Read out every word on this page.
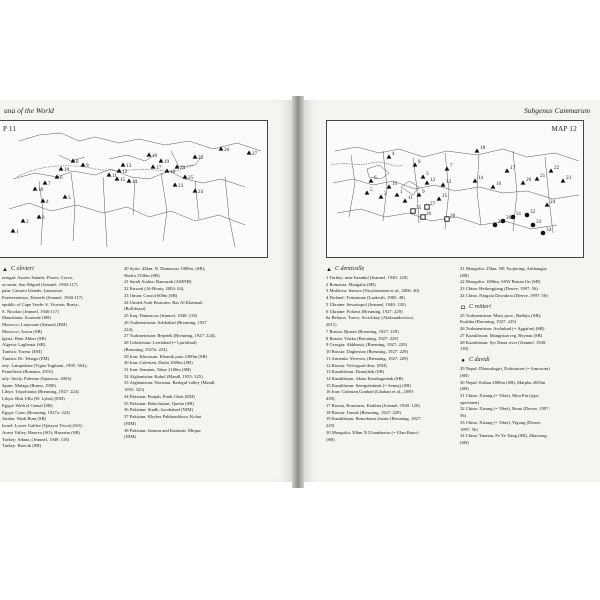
una of the World
P 11
27
26
22
20
19
16
17
18
25
23
24
14
15
13
12
11
10
8
9
7
6
5
4
3
2
1
10
▲ C olivieri
ortugal: Azores Islands: Flores; Corvo,
orcarim; San Miguel (Jeannel, 1940:117)
pain: Canario Islands: Lanzarote;
Fuerteventura; Tenerife (Jeannel, 1940:117)
epublic of Cape Verde: S. Vicente; Brava;
S. Nicolao (Jeannel, 1940:117)
Mauritania: Zouerate (SB)
Morocco: Laayoune (Sahara) (EM)
Morocco: Azrou (SB)
lgeria: Beni Abbes (SB)
Algeria: Laghouat (SB)
Tunisia: Tozeur (EM)
Tunisia: Dr. Tebaga (EM)
taly: Lampedusa (Vigna Taglianti, 1995: 564);
Pantelleria (Romano, 2010)
taly: Sicily, Palermo (Sparacio, 2003)
Spain: Malaga (Bruno, 1990)
Libya: Tripolitania (Breuning, 1927: 224)
Libya: Bitit Ullu (W. Lybia) (EM)
Egypt: Wadi el Gemal (SB)
Egypt: Cairo (Breuning, 1927a: 224)
Jordan: Wadi Rum (SB)
Israel: Lower Galilee (Qatayat Tivon) (SO);
Arava Valley, Hazeva (SO); Hazerim (SB)
Turkey: Adana, (Jeannel, 1940: 118)
Turkey: Birecik (SB)
20 Syria: 42km. N. Damascus 1000m. (SB);
Sbeifa 1336m (SB)
21 Saudi Arabia: Ramazah (AMNH)
22 Kuwait (Al-Houty, 2004: 62),
23 Oman: Carool 600m (SB)
24 United Arab Emirates: Ras Al Khaimah
(Bollifuzzi)
25 Iraq: Damascus (Jeannel, 1940: 118)
26 Turkmenistan: Ashkabad (Breuning, 1927
224),
27 Turkmenistan: Repetek (Breuning, 1927: 224),
28 Uzbekistan: Lerifabad (= Ljarfabad)
(Breuning, 1927a: 224)
29 Iran: Khorasan, Khamik pass 2300m (SB)
30 Iran: Golestan, Dasht 1000m (SB)
31 Iran: Semnan, Tabar 2100m (SB)
32 Afghanistan: Kabul (Mandl, 1955: 325)
33 Afghanistan: Noristan, Barbgul valley (Mandl,
1955: 325)
34 Pakistan: Punjab, Pindi Gheb (EM)
35 Pakistan: Balochistan, Quetta (SB)
36 Pakistan: Sindh, Jacobabad (NIM)
37 Pakistan: Khyber Pakhtunkhwa, Kohat
(NIM)
38 Pakistan: Jammu and Kashmir, Mirpur
(NIM)
Subgenus Cammarum
MAP 12
18
4
8
7
6
3
5
2	1
10
9
11
12 13
14
15
16
17
20
21	23
22
24
26
27
25
28
29
30
31 32
33
34
▲ C denticolle
1 Turkey: near Istanbul (Jeannel, 1940: 120)
2 Romania: Mangalia (SB)
3 Moldova: Ienisoa (Nicolaeseanu et al., 2006: 40)
4 Finland: Tvärminne (Laakvalt, 1985: 48)
5 Ukraine: Sevastopol (Jeannel, 1940: 120)
6 Ukraine: Poltava (Breuning, 1927: 229)
6a Belarus: Turov; Arcichkey (Aleksandrowicz,
2011)
7 Russia: Rjasan (Breuning, 1927: 229)
8 Russia: Viatka (Breuning, 1927: 229)
9 Georgia: Akhhasia, (Breuning, 1927: 229)
10 Russia: Daghestan (Breuning, 1927: 229)
11 Armenia: Yerevan, (Breuning, 1927: 229)
12 Russia: Volvograd distr. (EM)
13 Kazakhstan: Dzanybek (SB)
14 Kazakhstan: Aktau Kasrkugemak (SB)
15 Kazakhstan: Semipalatinsk (= Semej) (SB)
16 Iran: Golestan Gonbad (Ghahari et al., 2009:
439),
17 Russia, Bouriazia, Kiakhta (Jeannel, 1940: 120)
18 Russia: Tomsk (Breuning, 1927: 229)
19 Kazakhstan: Bomoleum chains (Breuning, 1927:
229)
20 Mongolia: 50km N Ulaanbaatar (= Ulan Bator)
(SB)
21 Mongolia: 25km. NE Tsojtering, Arkhangay
(SB)
22 Mongolia: 1006m, SSW Bairan Un (SB)
23 China: Heilongjiang (Deuve, 1997: 56)
24 China: Ningxia Dawukou (Deuve, 1997: 56)
◘ C reitteri
25 Turkmenistan: Mary prov., Badhyz (SB);
Kushka (Breuning, 1927: 225)
26 Turkmenistan: Archabad (= Aggafan) (SB)
27 Kazakhstan: Mangistau reg. Beynau (SB)
28 Kazakhstan: Syr Daria river (Jeannel, 1940:
118)
● C davidi
29 Nepal: Dhawalagiri, Dohsonton (= Jomosom)
(SB)
30 Nepal: Kaban 2800m (SB), Marpha 2650m
(SB)
31 China: Xizang (= Tibet), Mou Pin (type
specimen)
32 China: Xizang (= Tibet), Bomi (Deuve, 1997:
56)
33 China: Xizang (= Tibet), Yigong (Deuve,
1997: 56)
34 China: Yunnan, Pe Ye Tsing (SB), Zhaotong
(SB)
